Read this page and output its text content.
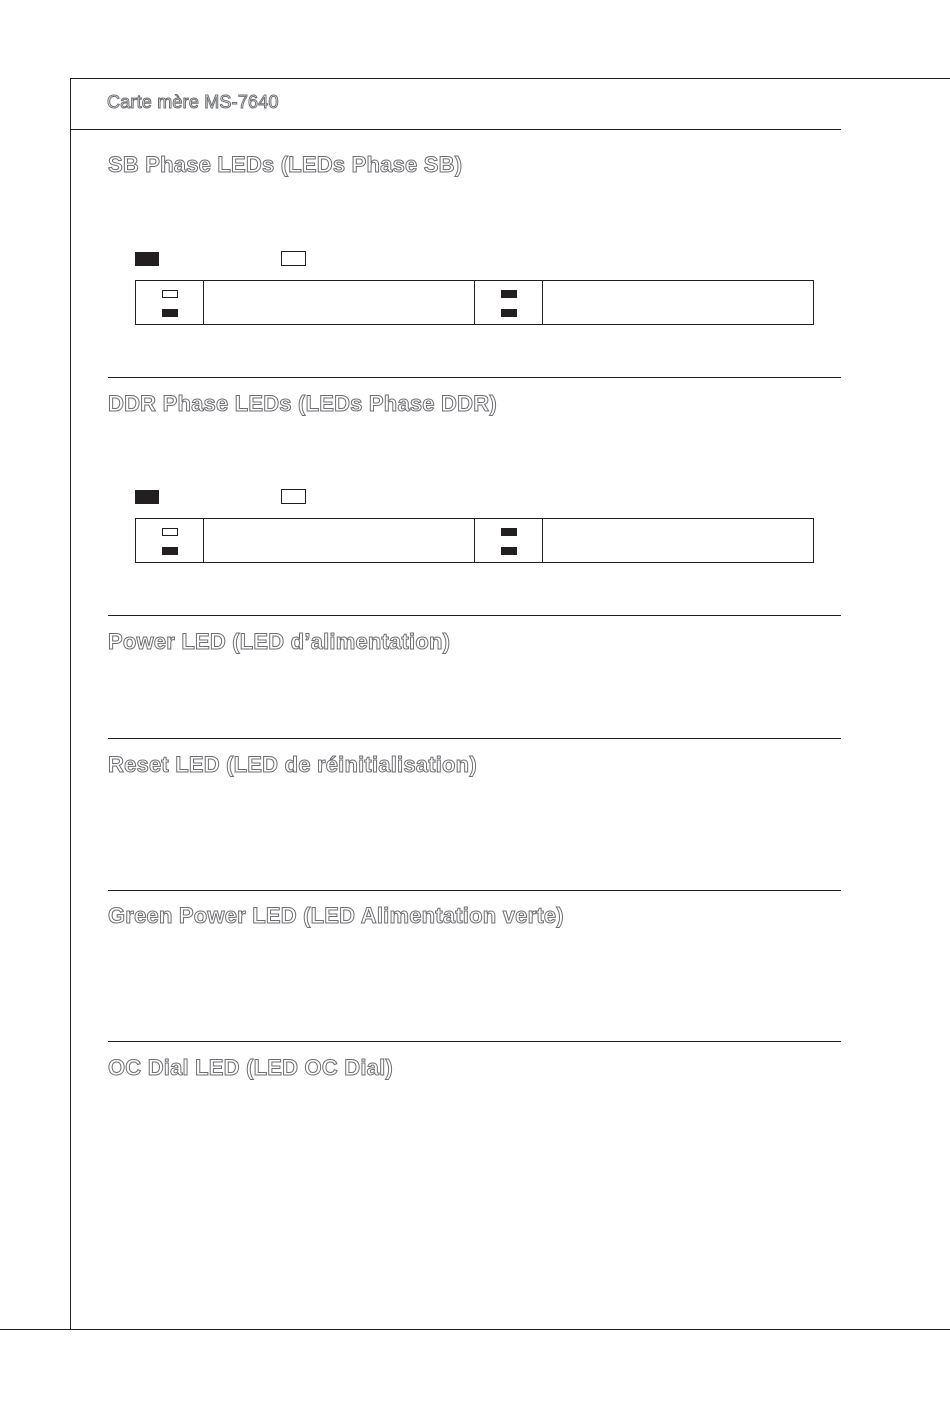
Carte mère MS-7640
SB Phase LEDs (LEDs Phase SB)
DDR Phase LEDs (LEDs Phase DDR)
Power LED (LED d’alimentation)
Reset LED (LED de réinitialisation)
Green Power LED (LED Alimentation verte)
OC Dial LED (LED OC Dial)
